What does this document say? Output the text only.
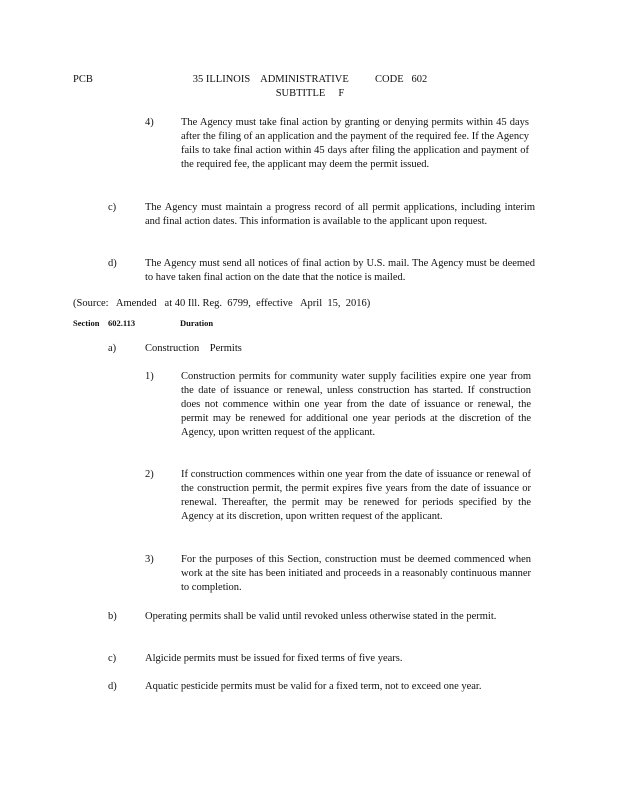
PCB	35 ILLINOIS    ADMINISTRATIVE          CODE   602
SUBTITLE     F
4)	The Agency must take final action by granting or denying permits within 45 days after the filing of an application and the payment of the required fee. If the Agency fails to take final action within 45 days after filing the application and payment of the required fee, the applicant may deem the permit issued.
c)	The Agency must maintain a progress record of all permit applications, including interim and final action dates. This information is available to the applicant upon request.
d)	The Agency must send all notices of final action by U.S. mail. The Agency must be deemed to have taken final action on the date that the notice is mailed.
(Source:   Amended   at 40 Ill. Reg.  6799,  effective   April  15,  2016)
Section    602.113	Duration
a)	Construction    Permits
1)	Construction permits for community water supply facilities expire one year from the date of issuance or renewal, unless construction has started. If construction does not commence within one year from the date of issuance or renewal, the permit may be renewed for additional one year periods at the discretion of the Agency, upon written request of the applicant.
2)	If construction commences within one year from the date of issuance or renewal of the construction permit, the permit expires five years from the date of issuance or renewal. Thereafter, the permit may be renewed for periods specified by the Agency at its discretion, upon written request of the applicant.
3)	For the purposes of this Section, construction must be deemed commenced when work at the site has been initiated and proceeds in a reasonably continuous manner to completion.
b)	Operating permits shall be valid until revoked unless otherwise stated in the permit.
c)	Algicide permits must be issued for fixed terms of five years.
d)	Aquatic pesticide permits must be valid for a fixed term, not to exceed one year.
